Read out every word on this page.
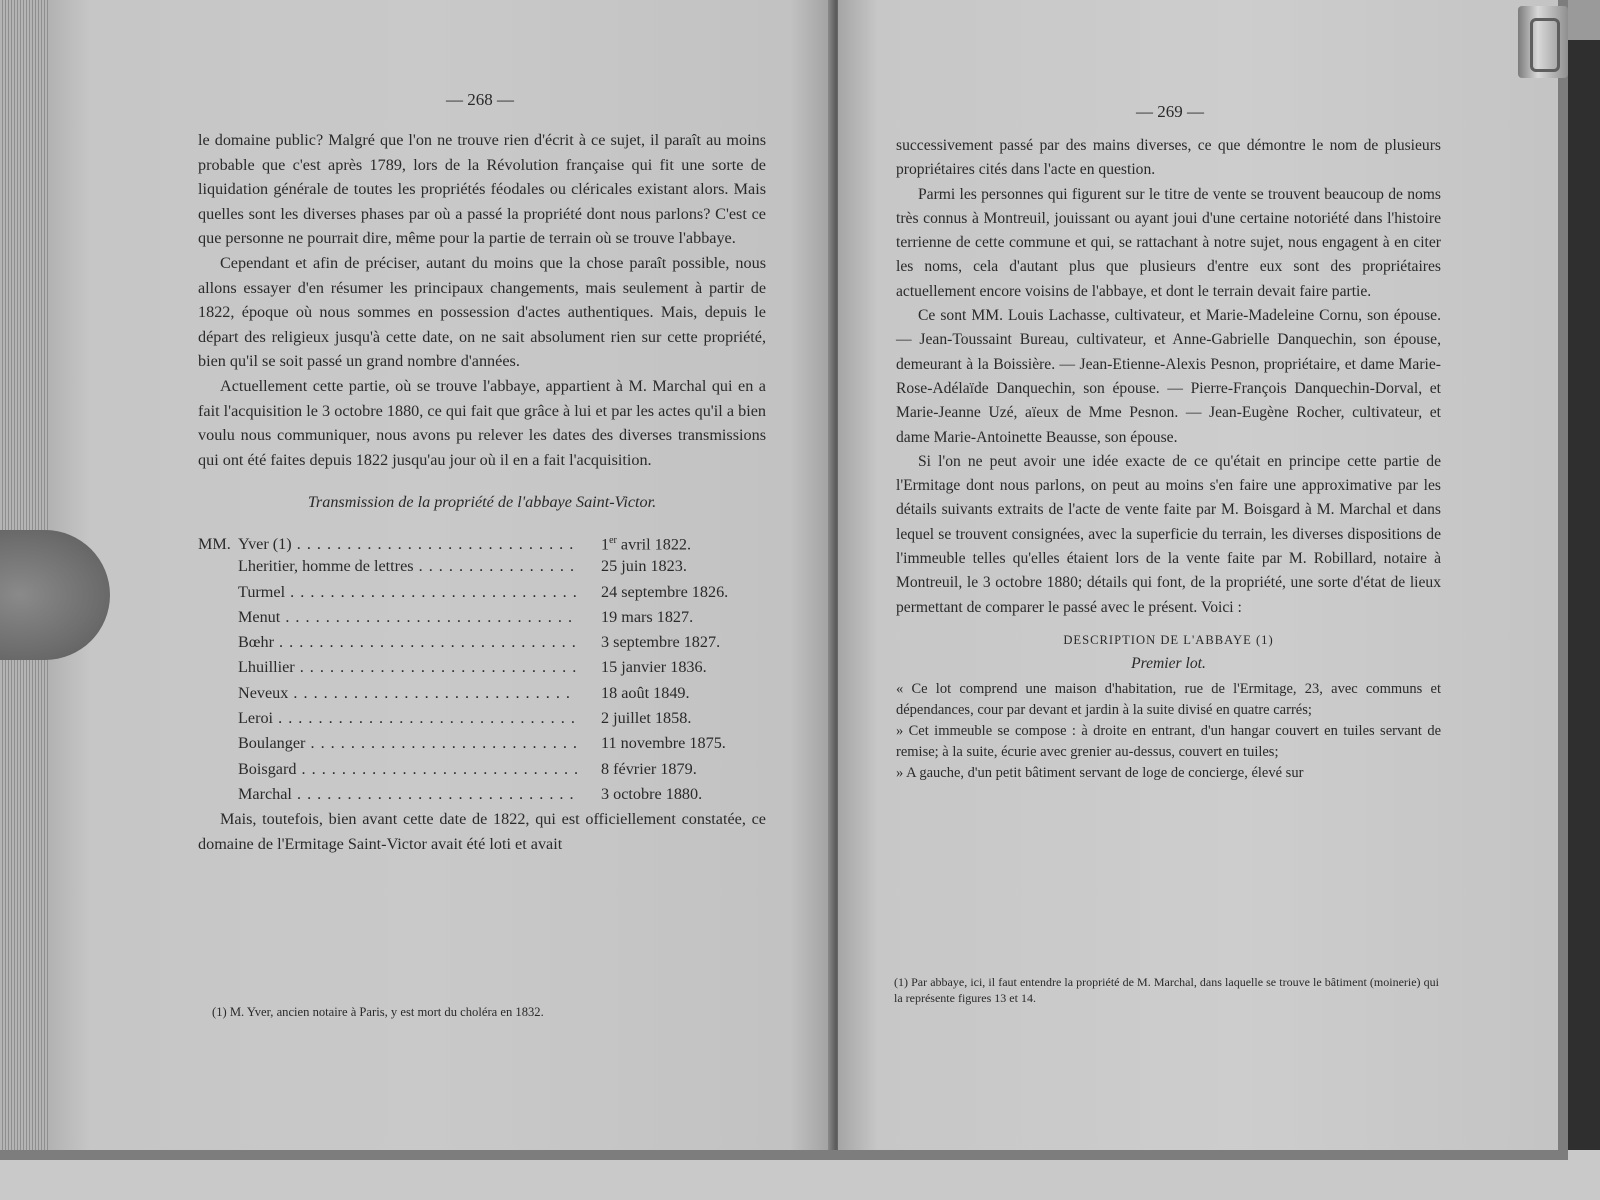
— 268 —

le domaine public? Malgré que l'on ne trouve rien d'écrit à ce sujet, il paraît au moins probable que c'est après 1789, lors de la Révolution française qui fit une sorte de liquidation générale de toutes les propriétés féodales ou cléricales existant alors. Mais quelles sont les diverses phases par où a passé la propriété dont nous parlons? C'est ce que personne ne pourrait dire, même pour la partie de terrain où se trouve l'abbaye.

Cependant et afin de préciser, autant du moins que la chose paraît possible, nous allons essayer d'en résumer les principaux changements, mais seulement à partir de 1822, époque où nous sommes en possession d'actes authentiques. Mais, depuis le départ des religieux jusqu'à cette date, on ne sait absolument rien sur cette propriété, bien qu'il se soit passé un grand nombre d'années.

Actuellement cette partie, où se trouve l'abbaye, appartient à M. Marchal qui en a fait l'acquisition le 3 octobre 1880, ce qui fait que grâce à lui et par les actes qu'il a bien voulu nous communiquer, nous avons pu relever les dates des diverses transmissions qui ont été faites depuis 1822 jusqu'au jour où il en a fait l'acquisition.

Transmission de la propriété de l'abbaye Saint-Victor.

MM. Yver (1) . . .	1er avril 1822.
Lheritier, homme de lettres . . .	25 juin 1823.
Turmel . . .	24 septembre 1826.
Menut . . .	19 mars 1827.
Bœhr . . .	3 septembre 1827.
Lhuillier . . .	15 janvier 1836.
Neveux . . .	18 août 1849.
Leroi . . .	2 juillet 1858.
Boulanger . . .	11 novembre 1875.
Boisgard . . .	8 février 1879.
Marchal . . .	3 octobre 1880.

Mais, toutefois, bien avant cette date de 1822, qui est officiellement constatée, ce domaine de l'Ermitage Saint-Victor avait été loti et avait

(1) M. Yver, ancien notaire à Paris, y est mort du choléra en 1832.
— 269 —

successivement passé par des mains diverses, ce que démontre le nom de plusieurs propriétaires cités dans l'acte en question.

Parmi les personnes qui figurent sur le titre de vente se trouvent beaucoup de noms très connus à Montreuil, jouissant ou ayant joui d'une certaine notoriété dans l'histoire terrienne de cette commune et qui, se rattachant à notre sujet, nous engagent à en citer les noms, cela d'autant plus que plusieurs d'entre eux sont des propriétaires actuellement encore voisins de l'abbaye, et dont le terrain devait faire partie.

Ce sont MM. Louis Lachasse, cultivateur, et Marie-Madeleine Cornu, son épouse. — Jean-Toussaint Bureau, cultivateur, et Anne-Gabrielle Danquechin, son épouse, demeurant à la Boissière. — Jean-Etienne-Alexis Pesnon, propriétaire, et dame Marie-Rose-Adélaïde Danquechin, son épouse. — Pierre-François Danquechin-Dorval, et Marie-Jeanne Uzé, aïeux de Mme Pesnon. — Jean-Eugène Rocher, cultivateur, et dame Marie-Antoinette Beausse, son épouse.

Si l'on ne peut avoir une idée exacte de ce qu'était en principe cette partie de l'Ermitage dont nous parlons, on peut au moins s'en faire une approximative par les détails suivants extraits de l'acte de vente faite par M. Boisgard à M. Marchal et dans lequel se trouvent consignées, avec la superficie du terrain, les diverses dispositions de l'immeuble telles qu'elles étaient lors de la vente faite par M. Robillard, notaire à Montreuil, le 3 octobre 1880; détails qui font, de la propriété, une sorte d'état de lieux permettant de comparer le passé avec le présent. Voici :

DESCRIPTION DE L'ABBAYE (1)

Premier lot.

« Ce lot comprend une maison d'habitation, rue de l'Ermitage, 23, avec communs et dépendances, cour par devant et jardin à la suite divisé en quatre carrés;

» Cet immeuble se compose : à droite en entrant, d'un hangar couvert en tuiles servant de remise; à la suite, écurie avec grenier au-dessus, couvert en tuiles;

» A gauche, d'un petit bâtiment servant de loge de concierge, élevé sur

(1) Par abbaye, ici, il faut entendre la propriété de M. Marchal, dans laquelle se trouve le bâtiment (moinerie) qui la représente figures 13 et 14.
